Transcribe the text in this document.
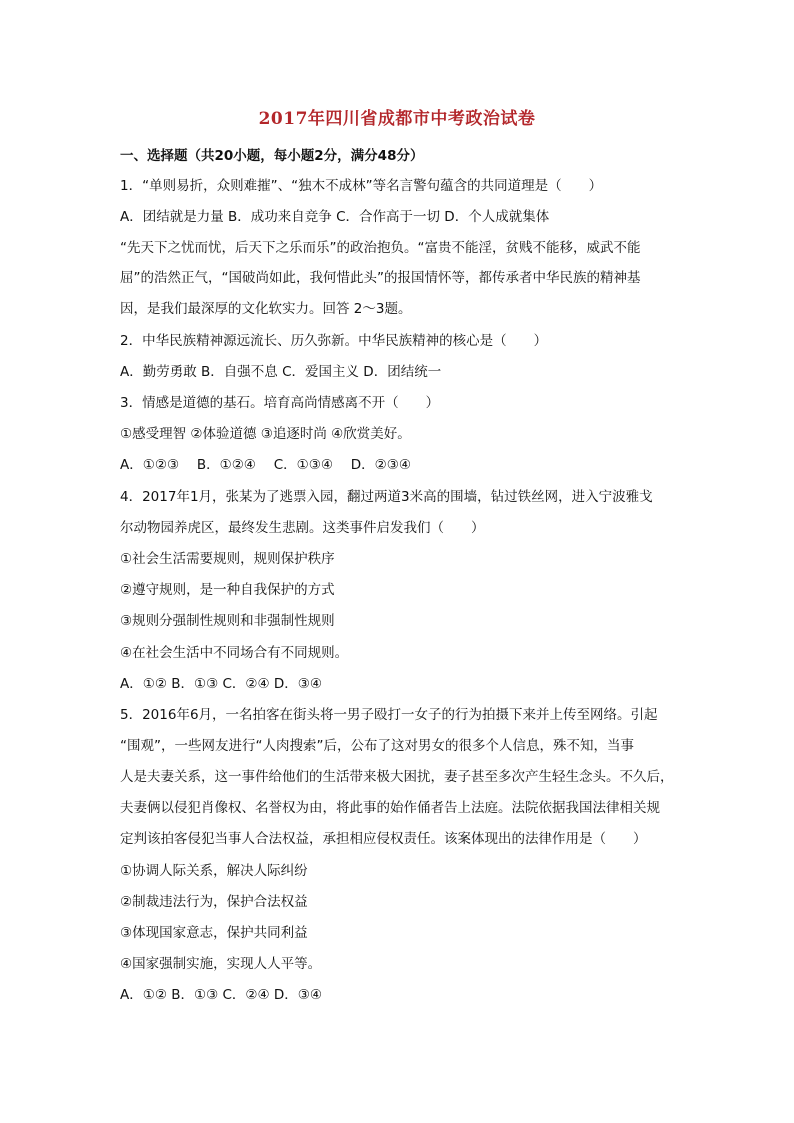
2017年四川省成都市中考政治试卷
一、选择题（共20小题，每小题2分，满分48分）
1．“单则易折，众则难摧”、“独木不成林”等名言警句蕴含的共同道理是（　　）
A．团结就是力量 B．成功来自竞争 C．合作高于一切 D．个人成就集体
“先天下之忧而忧，后天下之乐而乐”的政治抱负。“富贵不能淫，贫贱不能移，威武不能
屈”的浩然正气，“国破尚如此，我何惜此头”的报国情怀等，都传承者中华民族的精神基
因，是我们最深厚的文化软实力。回答 2～3题。
2．中华民族精神源远流长、历久弥新。中华民族精神的核心是（　　）
A．勤劳勇敢 B．自强不息 C．爱国主义 D．团结统一
3．情感是道德的基石。培育高尚情感离不开（　　）
①感受理智 ②体验道德 ③追逐时尚 ④欣赏美好。
A．①②③　 B．①②④　 C．①③④　 D．②③④
4．2017年1月，张某为了逃票入园，翻过两道3米高的围墙，钻过铁丝网，进入宁波雅戈
尔动物园养虎区，最终发生悲剧。这类事件启发我们（　　）
①社会生活需要规则，规则保护秩序
②遵守规则，是一种自我保护的方式
③规则分强制性规则和非强制性规则
④在社会生活中不同场合有不同规则。
A．①② B．①③ C．②④ D．③④
5．2016年6月，一名拍客在街头将一男子殴打一女子的行为拍摄下来并上传至网络。引起
“围观”，一些网友进行“人肉搜索”后，公布了这对男女的很多个人信息，殊不知，当事
人是夫妻关系，这一事件给他们的生活带来极大困扰，妻子甚至多次产生轻生念头。不久后，
夫妻俩以侵犯肖像权、名誉权为由，将此事的始作俑者告上法庭。法院依据我国法律相关规
定判该拍客侵犯当事人合法权益，承担相应侵权责任。该案体现出的法律作用是（　　）
①协调人际关系，解决人际纠纷
②制裁违法行为，保护合法权益
③体现国家意志，保护共同利益
④国家强制实施，实现人人平等。
A．①② B．①③ C．②④ D．③④
